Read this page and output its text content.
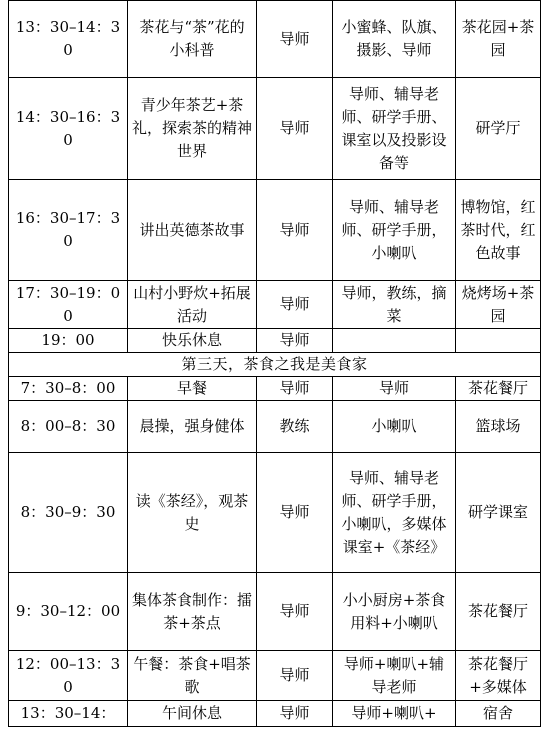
13：30–14：30	茶花与“茶”花的小科普	导师	小蜜蜂、队旗、摄影、导师	茶花园+茶园
14：30–16：30	青少年茶艺+茶礼，探索茶的精神世界	导师	导师、辅导老师、研学手册、课室以及投影设备等	研学厅
16：30–17：30	讲出英德茶故事	导师	导师、辅导老师、研学手册，小喇叭	博物馆，红茶时代，红色故事
17：30–19：00	山村小野炊+拓展活动	导师	导师，教练，摘菜	烧烤场+茶园
19：00	快乐休息	导师		
第三天，茶食之我是美食家				
7：30–8：00	早餐	导师	导师	茶花餐厅
8：00–8：30	晨操，强身健体	教练	小喇叭	篮球场
8：30–9：30	读《茶经》，观茶史	导师	导师、辅导老师、研学手册，小喇叭，多媒体课室+《茶经》	研学课室
9：30–12：00	集体茶食制作：擂茶+茶点	导师	小小厨房+茶食用料+小喇叭	茶花餐厅
12：00–13：30	午餐：茶食+唱茶歌	导师	导师+喇叭+辅导老师	茶花餐厅+多媒体
13：30–14：	午间休息	导师	导师+喇叭+	宿舍
